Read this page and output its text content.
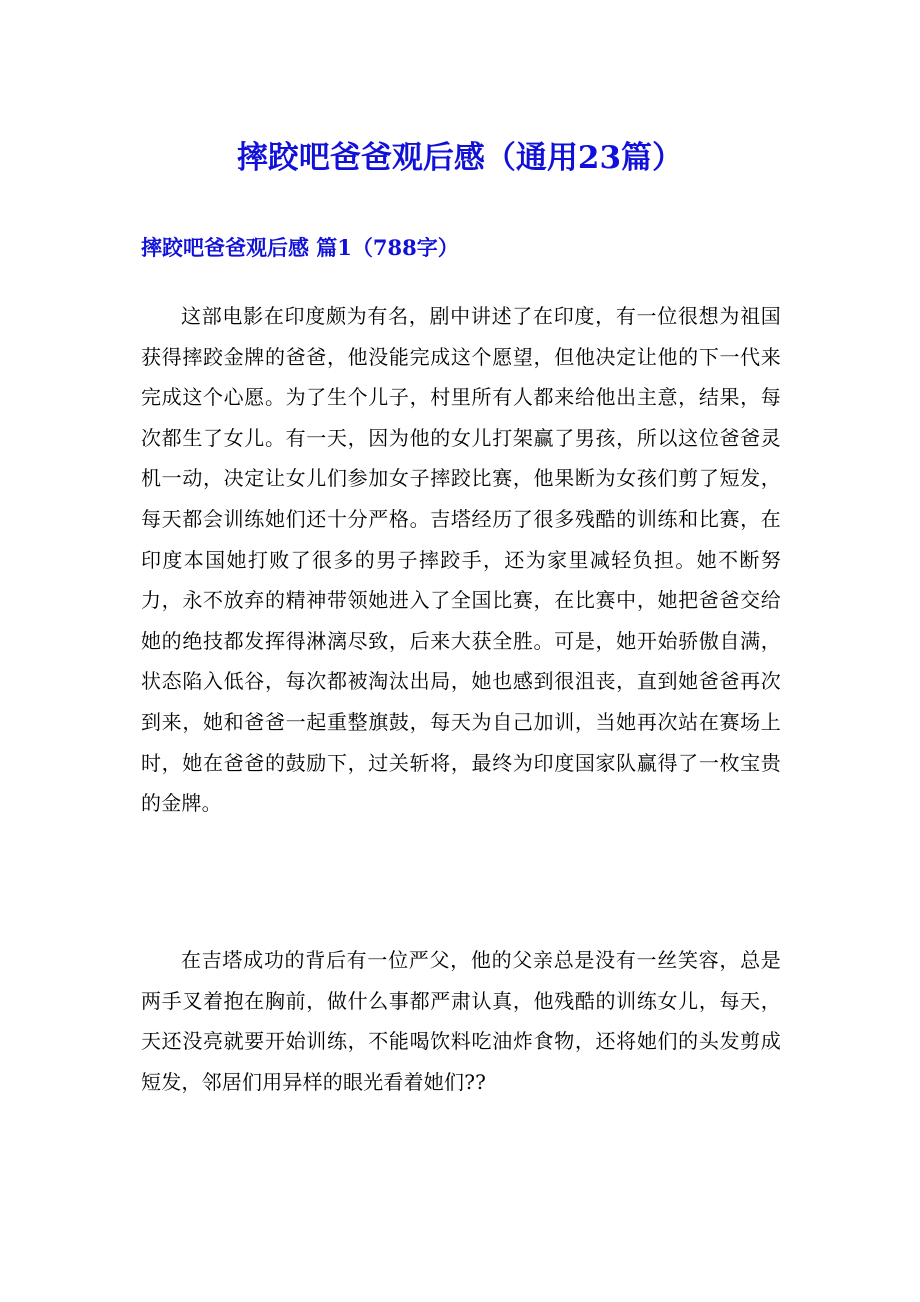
摔跤吧爸爸观后感（通用23篇）
摔跤吧爸爸观后感 篇1（788字）

这部电影在印度颇为有名，剧中讲述了在印度，有一位很想为祖国获得摔跤金牌的爸爸，他没能完成这个愿望，但他决定让他的下一代来完成这个心愿。为了生个儿子，村里所有人都来给他出主意，结果，每次都生了女儿。有一天，因为他的女儿打架赢了男孩，所以这位爸爸灵机一动，决定让女儿们参加女子摔跤比赛，他果断为女孩们剪了短发，每天都会训练她们还十分严格。吉塔经历了很多残酷的训练和比赛，在印度本国她打败了很多的男子摔跤手，还为家里减轻负担。她不断努力，永不放弃的精神带领她进入了全国比赛，在比赛中，她把爸爸交给她的绝技都发挥得淋漓尽致，后来大获全胜。可是，她开始骄傲自满，状态陷入低谷，每次都被淘汰出局，她也感到很沮丧，直到她爸爸再次到来，她和爸爸一起重整旗鼓，每天为自己加训，当她再次站在赛场上时，她在爸爸的鼓励下，过关斩将，最终为印度国家队赢得了一枚宝贵的金牌。

在吉塔成功的背后有一位严父，他的父亲总是没有一丝笑容，总是两手叉着抱在胸前，做什么事都严肃认真，他残酷的训练女儿，每天，天还没亮就要开始训练，不能喝饮料吃油炸食物，还将她们的头发剪成短发，邻居们用异样的眼光看着她们??
